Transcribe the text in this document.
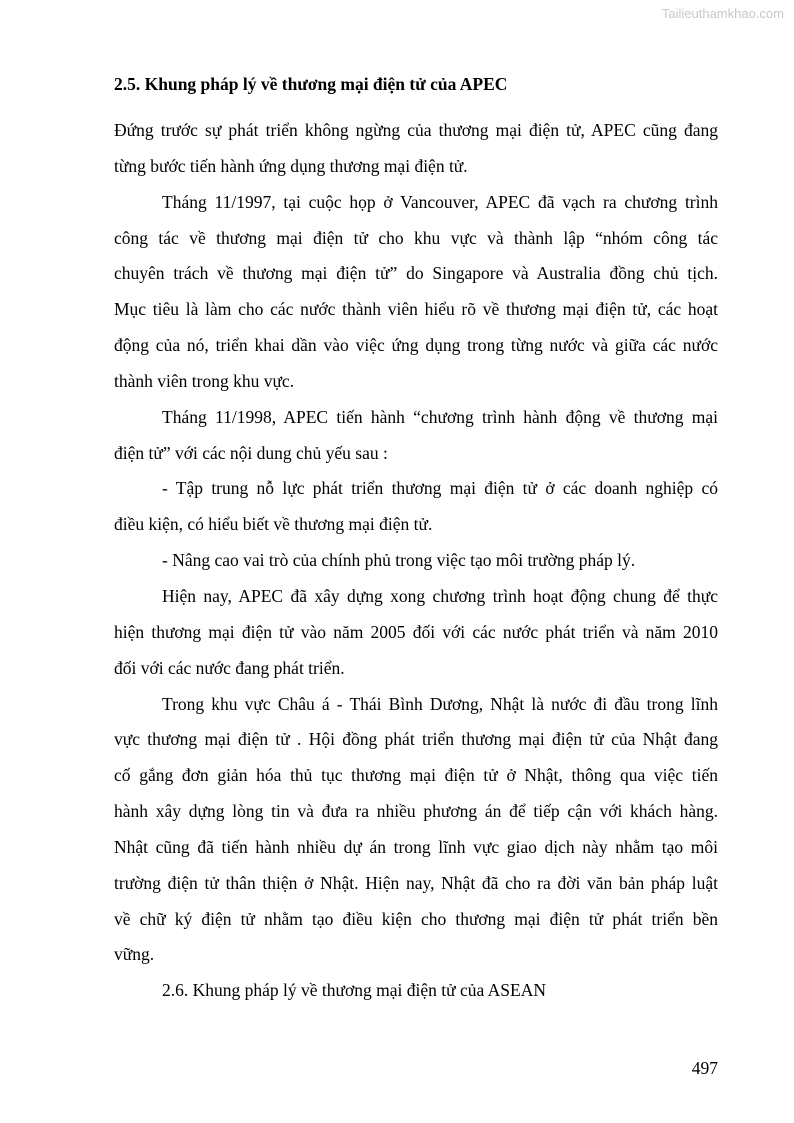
Tailieuthamkhao.com
2.5. Khung pháp lý về thương mại điện tử của APEC
Đứng trước sự phát triển không ngừng của thương mại điện tử, APEC cũng đang
từng bước tiến hành ứng dụng thương mại điện tử.
Tháng 11/1997, tại cuộc họp ở Vancouver, APEC đã vạch ra chương trình
công tác về thương mại điện tử cho khu vực và thành lập “nhóm công tác
chuyên trách về thương mại điện tử” do Singapore và Australia đồng chủ tịch.
Mục tiêu là làm cho các nước thành viên hiểu rõ về thương mại điện tử, các hoạt
động của nó, triển khai dần vào việc ứng dụng trong từng nước và giữa các nước
thành viên trong khu vực.
Tháng 11/1998, APEC tiến hành “chương trình hành động về thương mại
điện tử” với các nội dung chủ yếu sau :
- Tập trung nỗ lực phát triển thương mại điện tử ở các doanh nghiệp có
điều kiện, có hiểu biết về thương mại điện tử.
- Nâng cao vai trò của chính phủ trong việc tạo môi trường pháp lý.
Hiện nay, APEC đã xây dựng xong chương trình hoạt động chung để thực
hiện thương mại điện tử vào năm 2005 đối với các nước phát triển và năm 2010
đối với các nước đang phát triển.
Trong khu vực Châu á - Thái Bình Dương, Nhật là nước đi đầu trong lĩnh
vực thương mại điện tử . Hội đồng phát triển thương mại điện tử của Nhật đang
cố gắng đơn giản hóa thủ tục thương mại điện tử ở Nhật, thông qua việc tiến
hành xây dựng lòng tin và đưa ra nhiều phương án để tiếp cận với khách hàng.
Nhật cũng đã tiến hành nhiều dự án trong lĩnh vực giao dịch này nhằm tạo môi
trường điện tử thân thiện ở Nhật. Hiện nay, Nhật đã cho ra đời văn bản pháp luật
về chữ ký điện tử nhằm tạo điều kiện cho thương mại điện tử phát triển bền
vững.
2.6. Khung pháp lý về thương mại điện tử của ASEAN
497
